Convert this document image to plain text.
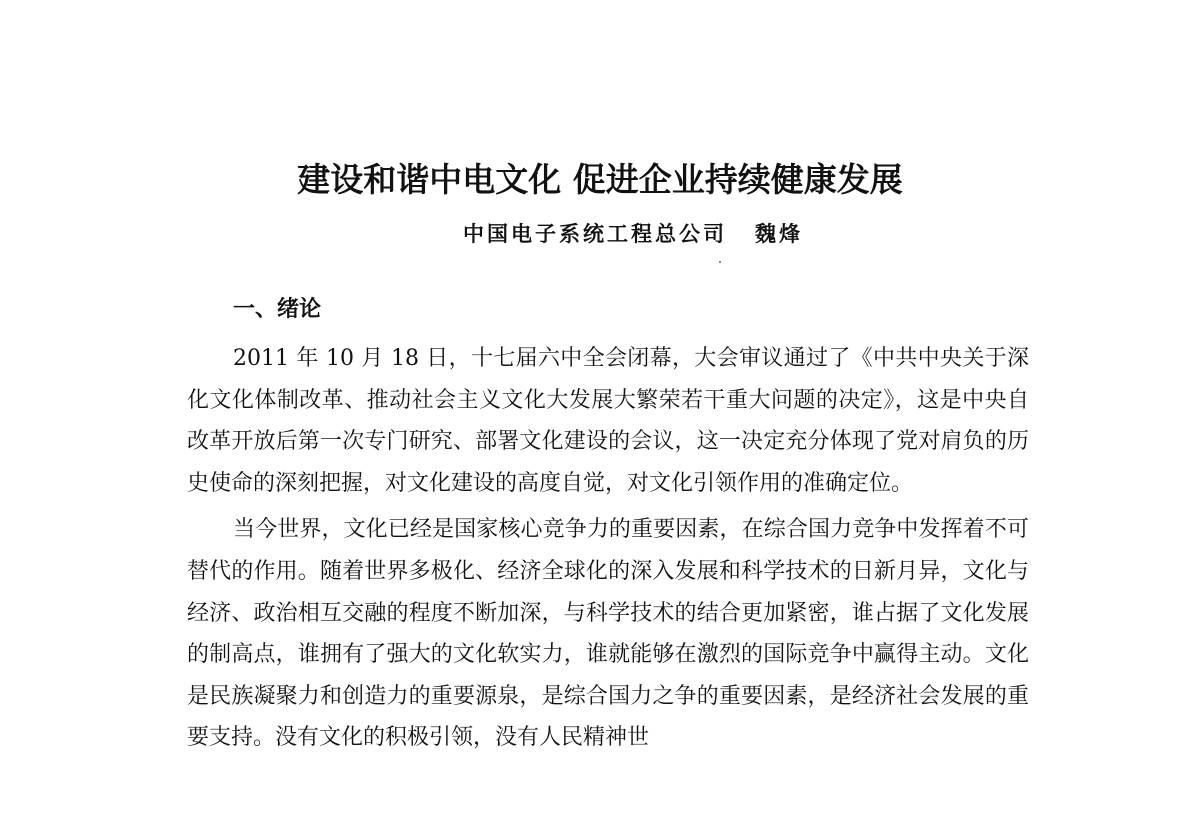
建设和谐中电文化 促进企业持续健康发展
中国电子系统工程总公司 魏烽
一、绪论

2011 年 10 月 18 日，十七届六中全会闭幕，大会审议通过了《中共中央关于深化文化体制改革、推动社会主义文化大发展大繁荣若干重大问题的决定》，这是中央自改革开放后第一次专门研究、部署文化建设的会议，这一决定充分体现了党对肩负的历史使命的深刻把握，对文化建设的高度自觉，对文化引领作用的准确定位。

当今世界，文化已经是国家核心竞争力的重要因素，在综合国力竞争中发挥着不可替代的作用。随着世界多极化、经济全球化的深入发展和科学技术的日新月异，文化与经济、政治相互交融的程度不断加深，与科学技术的结合更加紧密，谁占据了文化发展的制高点，谁拥有了强大的文化软实力，谁就能够在激烈的国际竞争中赢得主动。文化是民族凝聚力和创造力的重要源泉，是综合国力之争的重要因素，是经济社会发展的重要支持。没有文化的积极引领，没有人民精神世
